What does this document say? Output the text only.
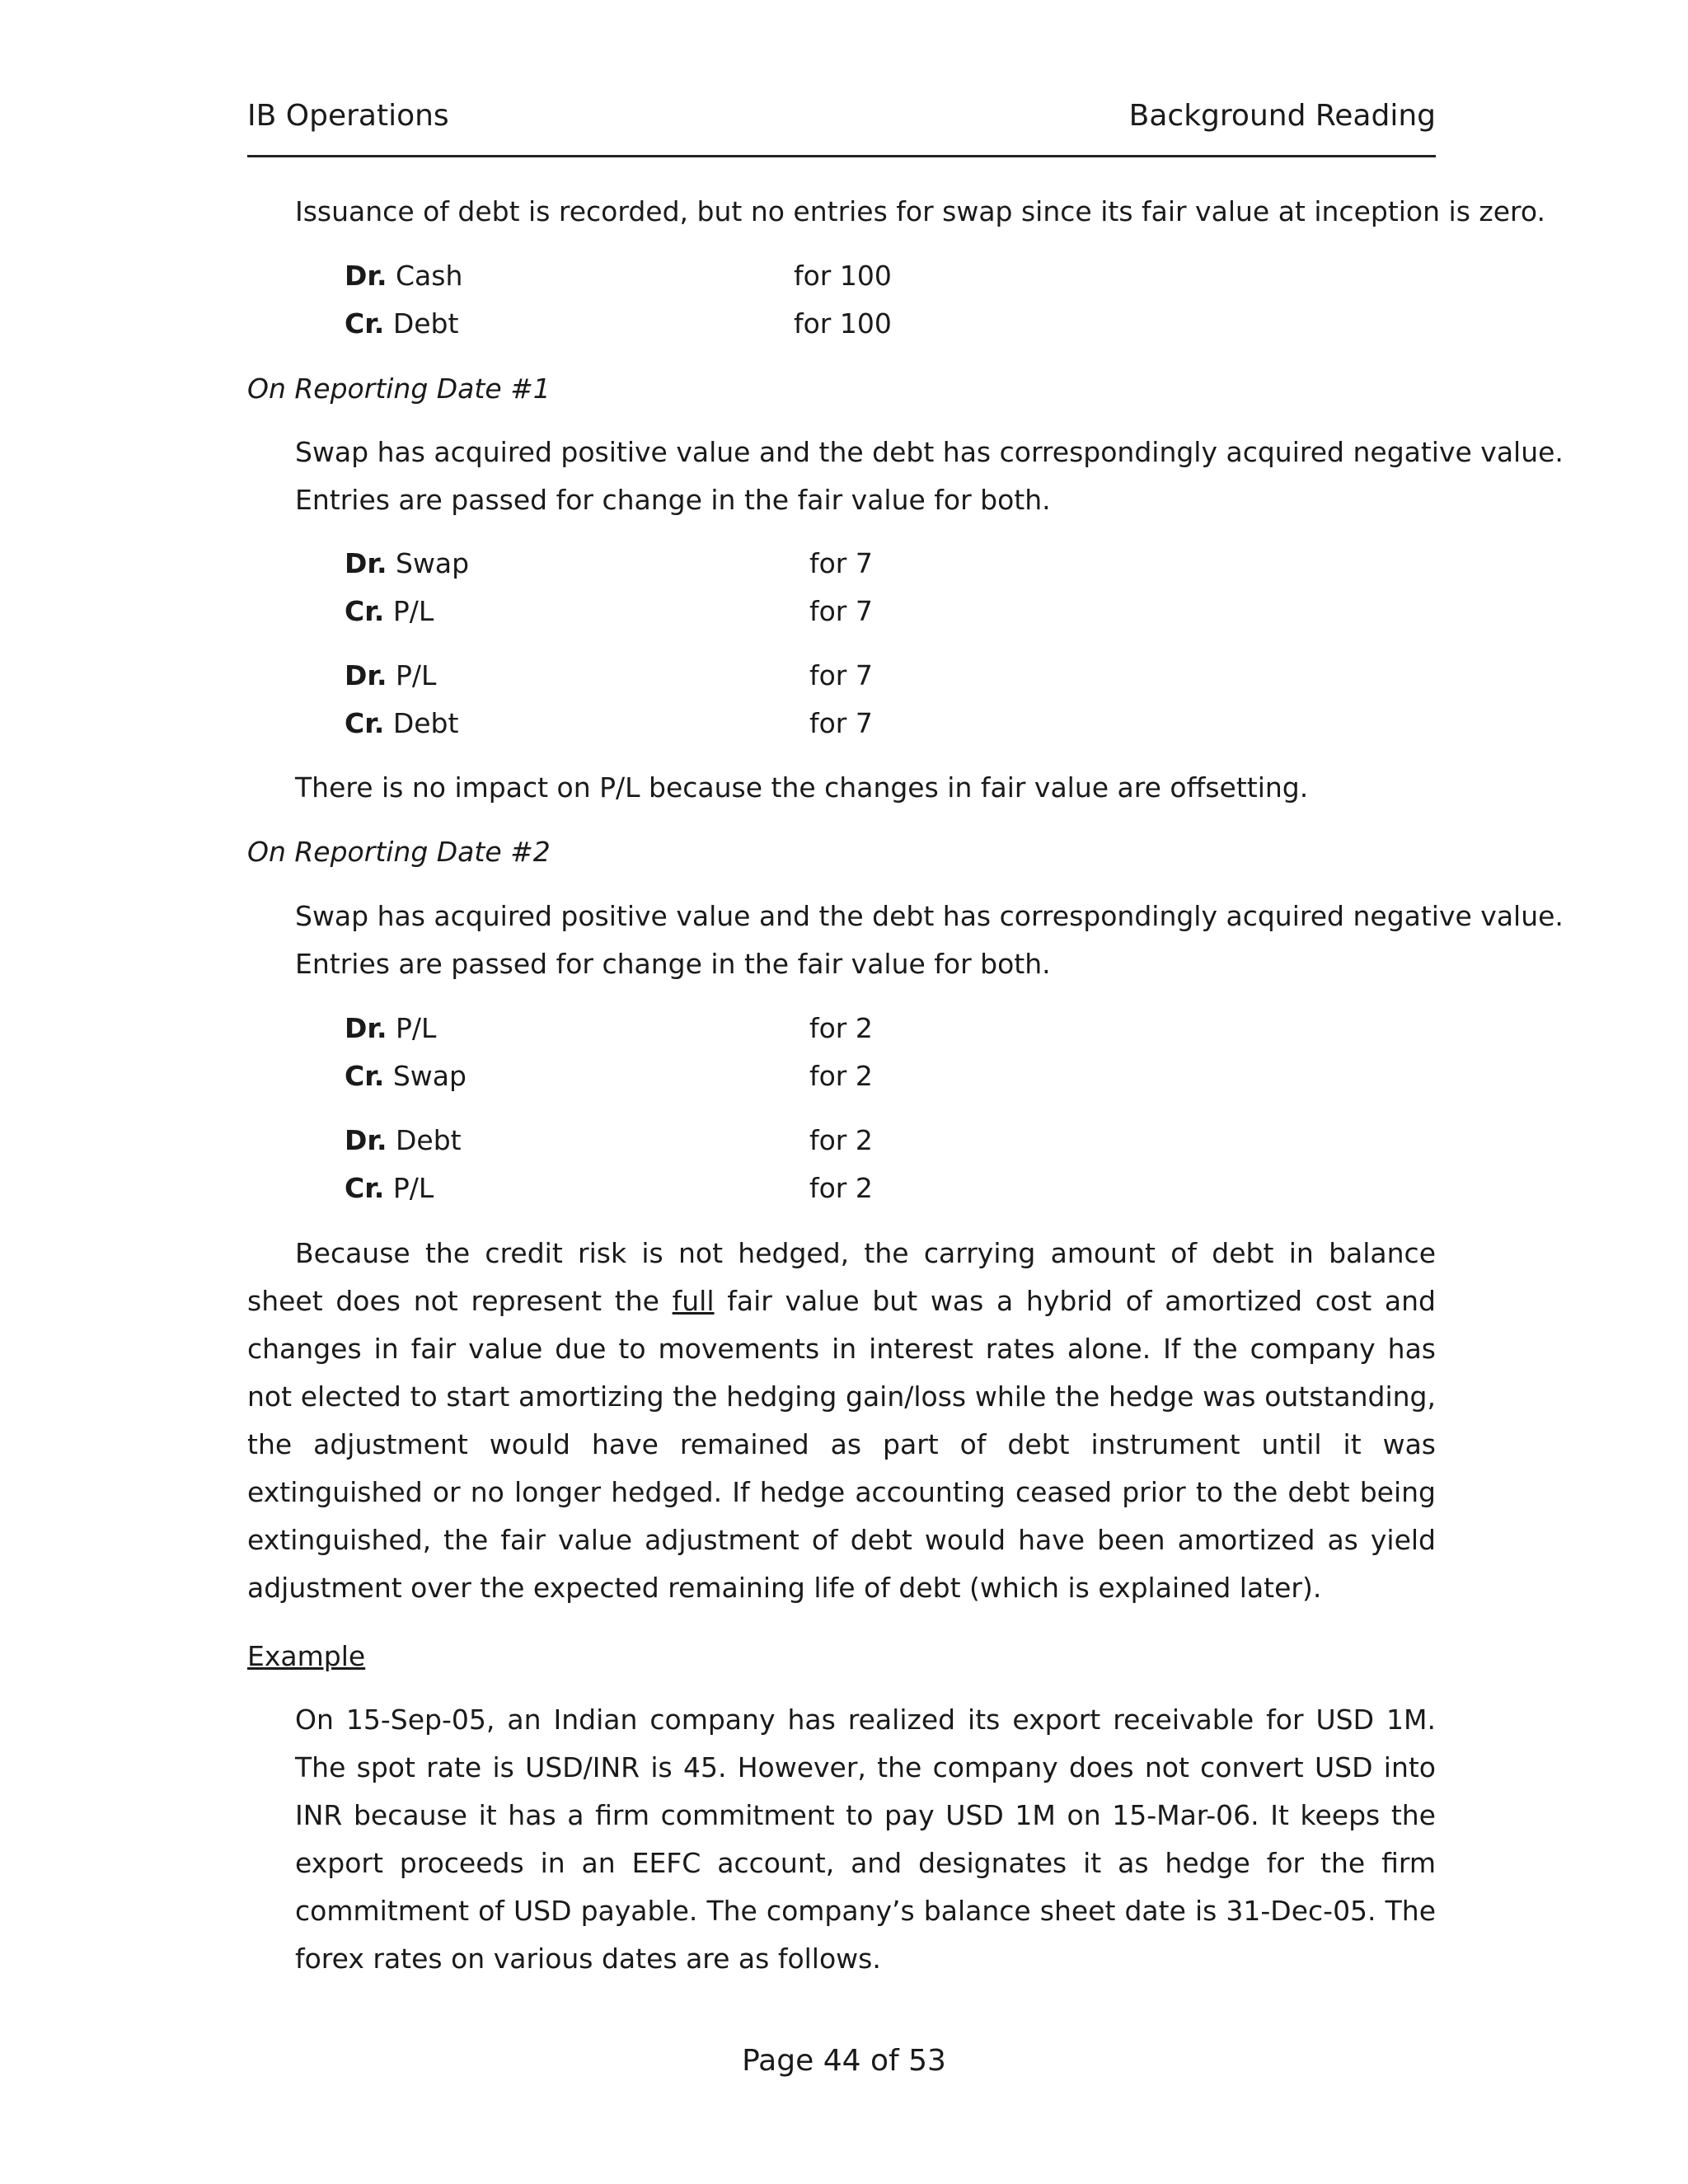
IB Operations	Background Reading
Issuance of debt is recorded, but no entries for swap since its fair value at inception is zero.
Dr. Cash	for 100
Cr. Debt	for 100
On Reporting Date #1
Swap has acquired positive value and the debt has correspondingly acquired negative value.
Entries are passed for change in the fair value for both.
Dr. Swap	for 7
Cr. P/L	for 7
Dr. P/L	for 7
Cr. Debt	for 7
There is no impact on P/L because the changes in fair value are offsetting.
On Reporting Date #2
Swap has acquired positive value and the debt has correspondingly acquired negative value.
Entries are passed for change in the fair value for both.
Dr. P/L	for 2
Cr. Swap	for 2
Dr. Debt	for 2
Cr. P/L	for 2
Because the credit risk is not hedged, the carrying amount of debt in balance sheet does not represent the full fair value but was a hybrid of amortized cost and changes in fair value due to movements in interest rates alone. If the company has not elected to start amortizing the hedging gain/loss while the hedge was outstanding, the adjustment would have remained as part of debt instrument until it was extinguished or no longer hedged. If hedge accounting ceased prior to the debt being extinguished, the fair value adjustment of debt would have been amortized as yield adjustment over the expected remaining life of debt (which is explained later).
Example
On 15-Sep-05, an Indian company has realized its export receivable for USD 1M. The spot rate is USD/INR is 45. However, the company does not convert USD into INR because it has a firm commitment to pay USD 1M on 15-Mar-06. It keeps the export proceeds in an EEFC account, and designates it as hedge for the firm commitment of USD payable. The company’s balance sheet date is 31-Dec-05. The forex rates on various dates are as follows.
Page 44 of 53
